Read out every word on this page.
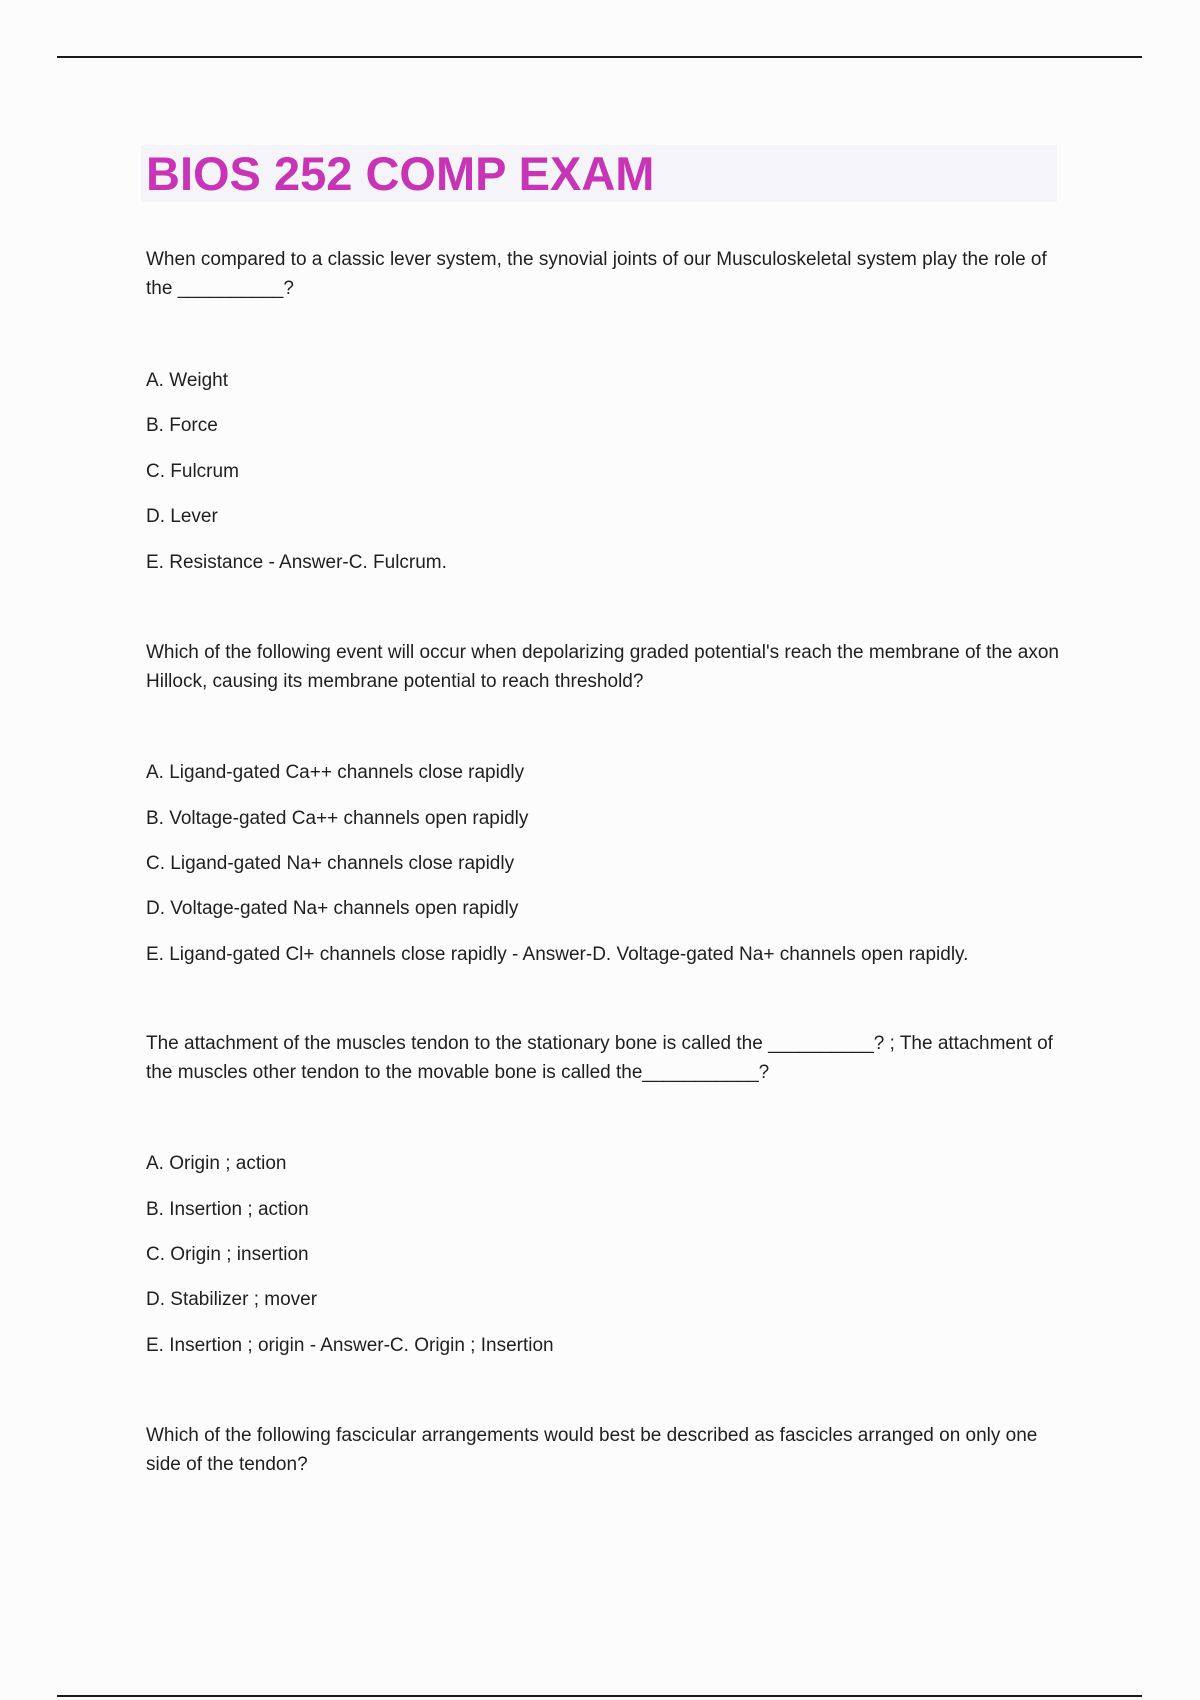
BIOS 252 COMP EXAM

When compared to a classic lever system, the synovial joints of our Musculoskeletal system play the role of the __________?

A. Weight

B. Force

C. Fulcrum

D. Lever

E. Resistance - Answer-C. Fulcrum.

Which of the following event will occur when depolarizing graded potential's reach the membrane of the axon Hillock, causing its membrane potential to reach threshold?

A. Ligand-gated Ca++ channels close rapidly

B. Voltage-gated Ca++ channels open rapidly

C. Ligand-gated Na+ channels close rapidly

D. Voltage-gated Na+ channels open rapidly

E. Ligand-gated Cl+ channels close rapidly - Answer-D. Voltage-gated Na+ channels open rapidly.

The attachment of the muscles tendon to the stationary bone is called the __________? ; The attachment of the muscles other tendon to the movable bone is called the___________?

A. Origin ; action

B. Insertion ; action

C. Origin ; insertion

D. Stabilizer ; mover

E. Insertion ; origin - Answer-C. Origin ; Insertion

Which of the following fascicular arrangements would best be described as fascicles arranged on only one side of the tendon?
